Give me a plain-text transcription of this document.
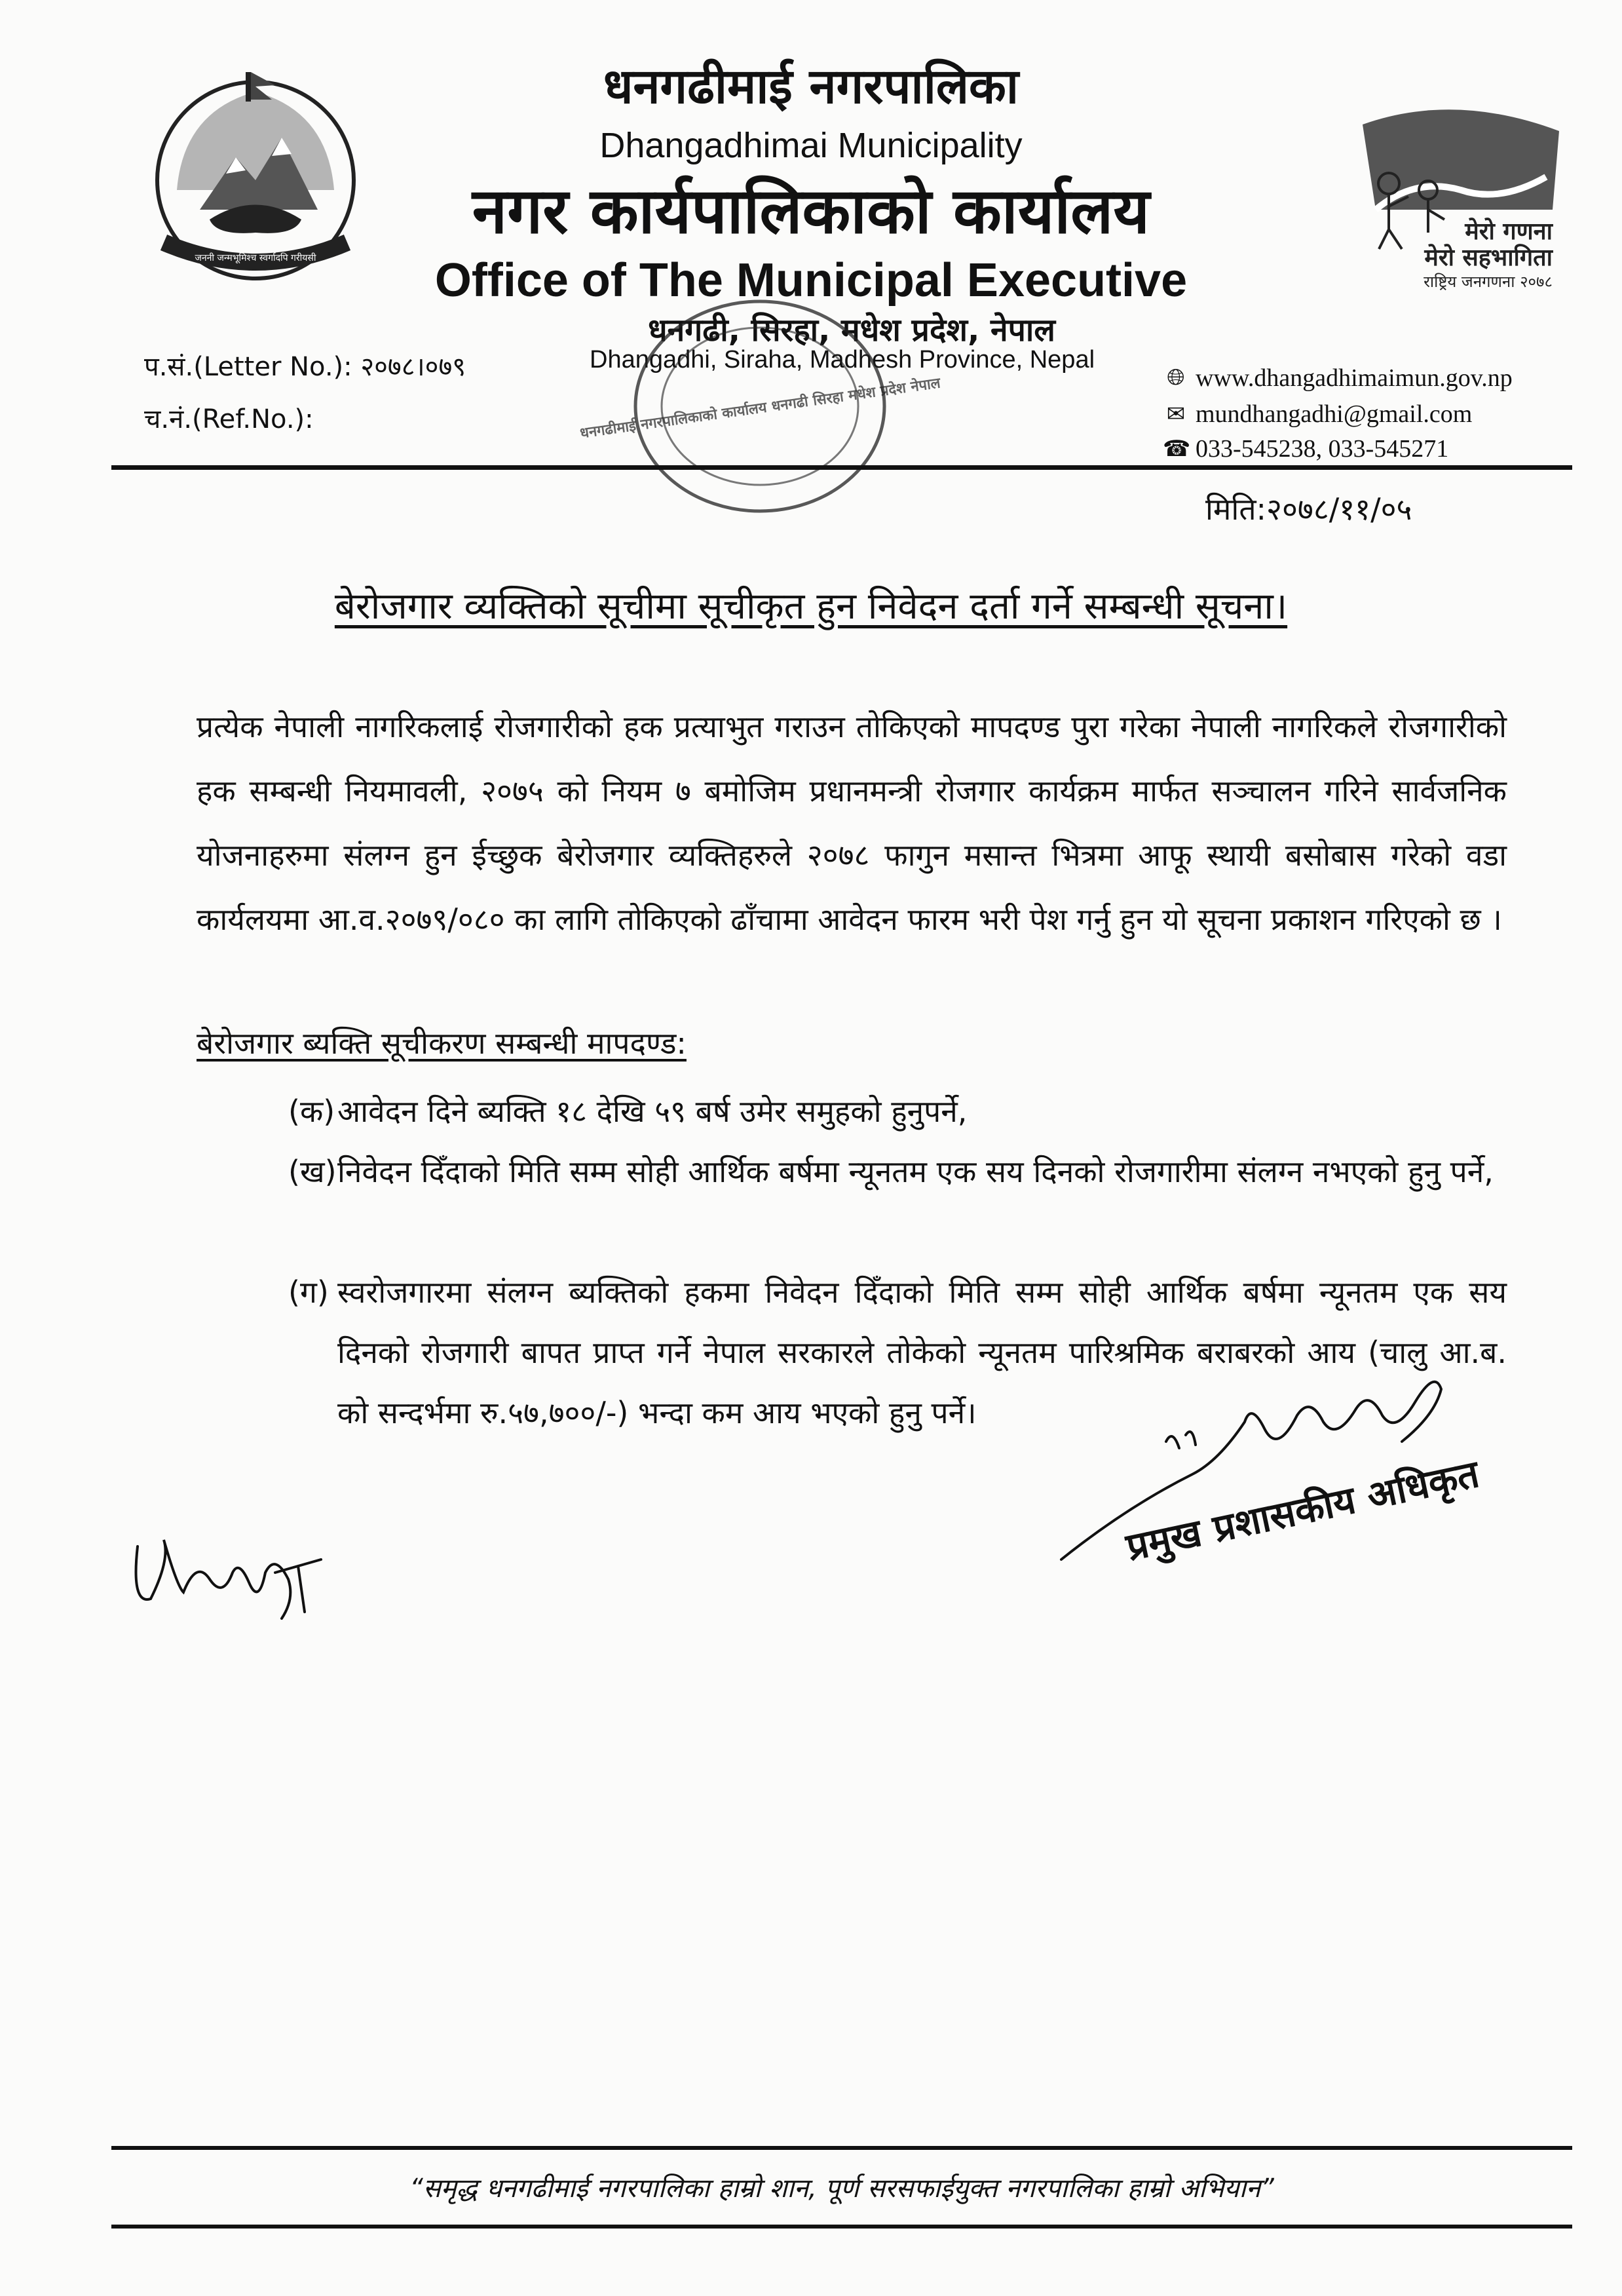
जननी जन्मभूमिश्च स्वर्गादपि गरीयसी
मेरो गणना
मेरो सहभागिता
राष्ट्रिय जनगणना २०७८
धनगढीमाई नगरपालिका
Dhangadhimai Municipality
नगर कार्यपालिकाको कार्यालय
Office of The Municipal Executive
धनगढी, सिरहा, मधेश प्रदेश, नेपाल
Dhangadhi, Siraha, Madhesh Province, Nepal
प.सं.(Letter No.): २०७८।०७९
च.नं.(Ref.No.):
🌐︎ www.dhangadhimaimun.gov.np
✉ mundhangadhi@gmail.com
☎ 033-545238, 033-545271
धनगढीमाई नगरपालिकाको कार्यालय धनगढी सिरहा मधेश प्रदेश नेपाल
मिति:२०७८/११/०५
बेरोजगार व्यक्तिको सूचीमा सूचीकृत हुन निवेदन दर्ता गर्ने सम्बन्धी सूचना।
प्रत्येक नेपाली नागरिकलाई रोजगारीको हक प्रत्याभुत गराउन तोकिएको मापदण्ड पुरा गरेका नेपाली नागरिकले रोजगारीको हक सम्बन्धी नियमावली, २०७५ को नियम ७ बमोजिम प्रधानमन्त्री रोजगार कार्यक्रम मार्फत सञ्चालन गरिने सार्वजनिक योजनाहरुमा संलग्न हुन ईच्छुक बेरोजगार व्यक्तिहरुले २०७८ फागुन मसान्त भित्रमा आफू स्थायी बसोबास गरेको वडा कार्यलयमा आ.व.२०७९/०८० का लागि तोकिएको ढाँचामा आवेदन फारम भरी पेश गर्नु हुन यो सूचना प्रकाशन गरिएको छ ।
बेरोजगार ब्यक्ति सूचीकरण सम्बन्धी मापदण्ड:
(क) आवेदन दिने ब्यक्ति १८ देखि ५९ बर्ष उमेर समुहको हुनुपर्ने,
(ख) निवेदन दिँदाको मिति सम्म सोही आर्थिक बर्षमा न्यूनतम एक सय दिनको रोजगारीमा संलग्न नभएको हुनु पर्ने,
(ग) स्वरोजगारमा संलग्न ब्यक्तिको हकमा निवेदन दिँदाको मिति सम्म सोही आर्थिक बर्षमा न्यूनतम एक सय दिनको रोजगारी बापत प्राप्त गर्ने नेपाल सरकारले तोकेको न्यूनतम पारिश्रमिक बराबरको आय (चालु आ.ब. को सन्दर्भमा रु.५७,७००/-) भन्दा कम आय भएको हुनु पर्ने।
प्रमुख प्रशासकीय अधिकृत
“समृद्ध धनगढीमाई नगरपालिका हाम्रो शान, पूर्ण सरसफाईयुक्त नगरपालिका हाम्रो अभियान”
